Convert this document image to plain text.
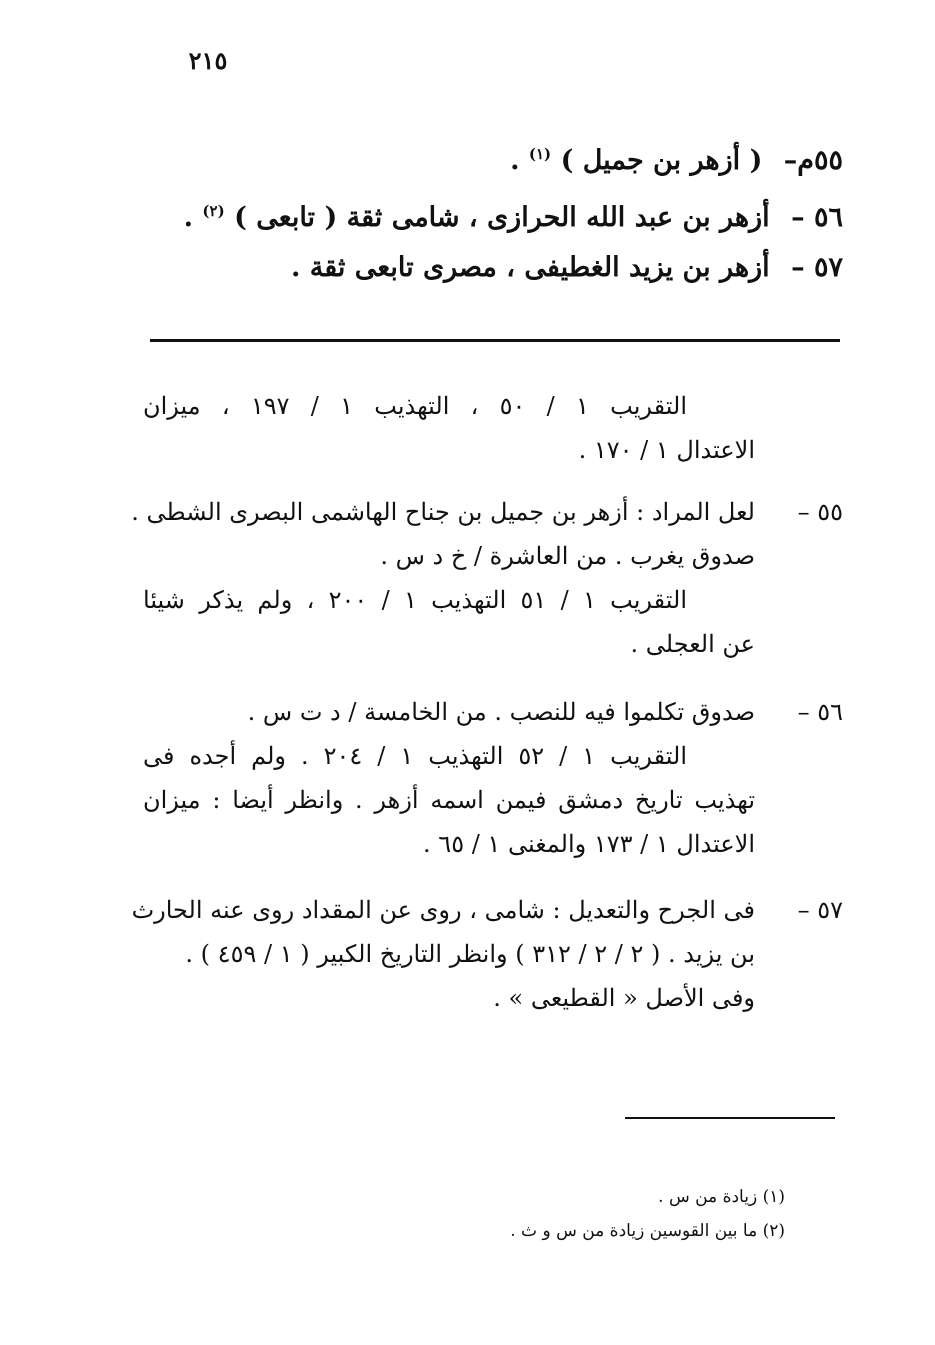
٢١٥
٥٥م– ( أزهر بن جميل ) $^{(١)}$ .
٥٦ – أزهر بن عبد الله الحرازى ، شامى ثقة ( تابعى ) $^{(٢)}$ .
٥٧ – أزهر بن يزيد الغطيفى ، مصرى تابعى ثقة .
التقريب ١ / ٥٠ ، التهذيب ١ / ١٩٧ ، ميزان
الاعتدال ١ / ١٧٠ .
٥٥ –
لعل المراد : أزهر بن جميل بن جناح الهاشمى البصرى الشطى .
صدوق يغرب . من العاشرة / خ د س .
التقريب ١ / ٥١ التهذيب ١ / ٢٠٠ ، ولم يذكر شيئا
عن العجلى .
٥٦ –
صدوق تكلموا فيه للنصب . من الخامسة / د ت س .
التقريب ١ / ٥٢ التهذيب ١ / ٢٠٤ . ولم أجده فى
تهذيب تاريخ دمشق فيمن اسمه أزهر . وانظر أيضا : ميزان
الاعتدال ١ / ١٧٣ والمغنى ١ / ٦٥ .
٥٧ –
فى الجرح والتعديل : شامى ، روى عن المقداد روى عنه الحارث
بن يزيد . ( ٢ / ٢ / ٣١٢ ) وانظر التاريخ الكبير ( ١ / ٤٥٩ ) .
وفى الأصل « القطيعى » .
(١) زيادة من س .
(٢) ما بين القوسين زيادة من س و ث .
